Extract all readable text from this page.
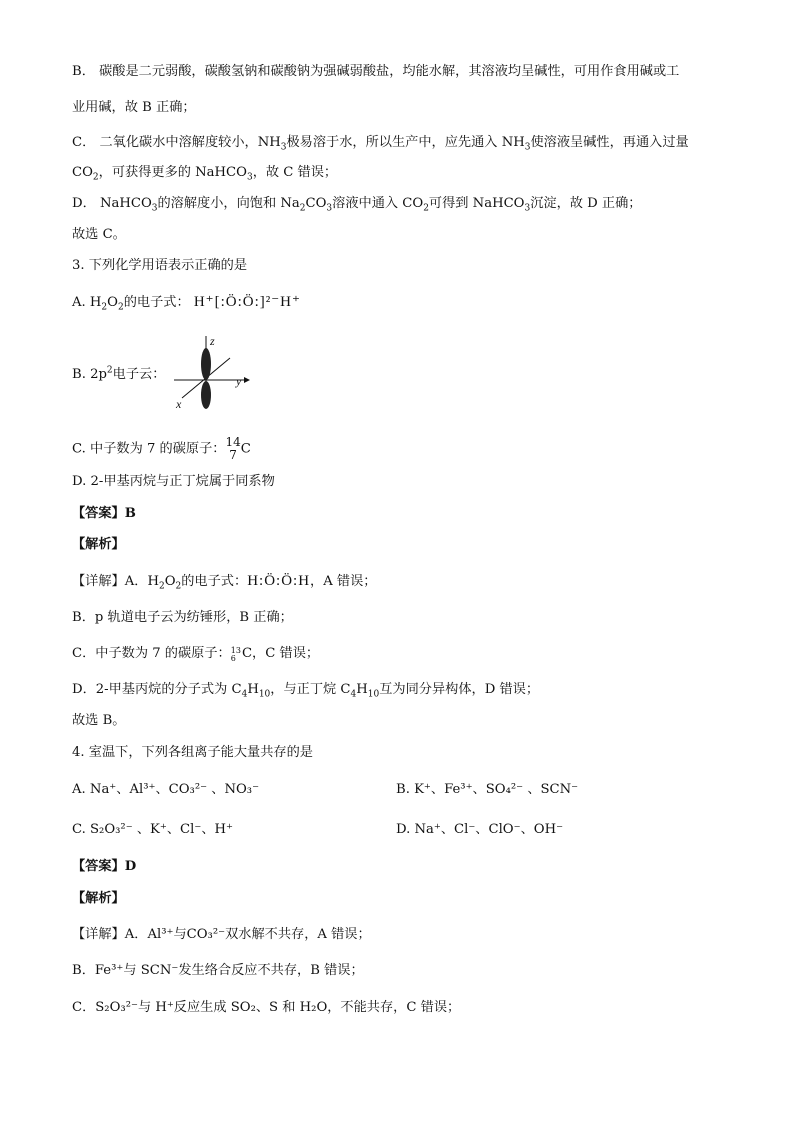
B． 碳酸是二元弱酸，碳酸氢钠和碳酸钠为强碱弱酸盐，均能水解，其溶液均呈碱性，可用作食用碱或工
业用碱，故 B 正确；
C． 二氧化碳水中溶解度较小，$NH_3$极易溶于水，所以生产中，应先通入 $NH_3$使溶液呈碱性，再通入过量
$CO_2$，可获得更多的 NaHCO$_3$，故 C 错误；
D． NaHCO$_3$的溶解度小，向饱和 $Na_2CO_3$溶液中通入 $CO_2$可得到 NaHCO$_3$沉淀，故 D 正确；
故选 C。
3. 下列化学用语表示正确的是
A. $H_2O_2$的电子式： H⁺[:Ö:Ö:]²⁻H⁺
B. $2p^2$电子云：
z
y
x
C. 中子数为 7 的碳原子： 14
7 C
D. 2-甲基丙烷与正丁烷属于同系物
【答案】B
【解析】
【详解】A．$H_2O_2$的电子式：H:Ö:Ö:H，A 错误；
B．p 轨道电子云为纺锤形，B 正确；
C．中子数为 7 的碳原子： 13
6 C，C 错误；
D．2-甲基丙烷的分子式为 $C_4H_{10}$，与正丁烷 $C_4H_{10}$互为同分异构体，D 错误；
故选 B。
4. 室温下，下列各组离子能大量共存的是
A. Na⁺、Al³⁺、CO₃²⁻ 、NO₃⁻	B. K⁺、Fe³⁺、SO₄²⁻ 、SCN⁻
C. S₂O₃²⁻ 、K⁺、Cl⁻、H⁺	D. Na⁺、Cl⁻、ClO⁻、OH⁻
【答案】D
【解析】
【详解】A．Al³⁺与CO₃²⁻双水解不共存，A 错误；
B．Fe³⁺与 SCN⁻发生络合反应不共存，B 错误；
C．S₂O₃²⁻与 H⁺反应生成 SO₂、S 和 H₂O，不能共存，C 错误；
